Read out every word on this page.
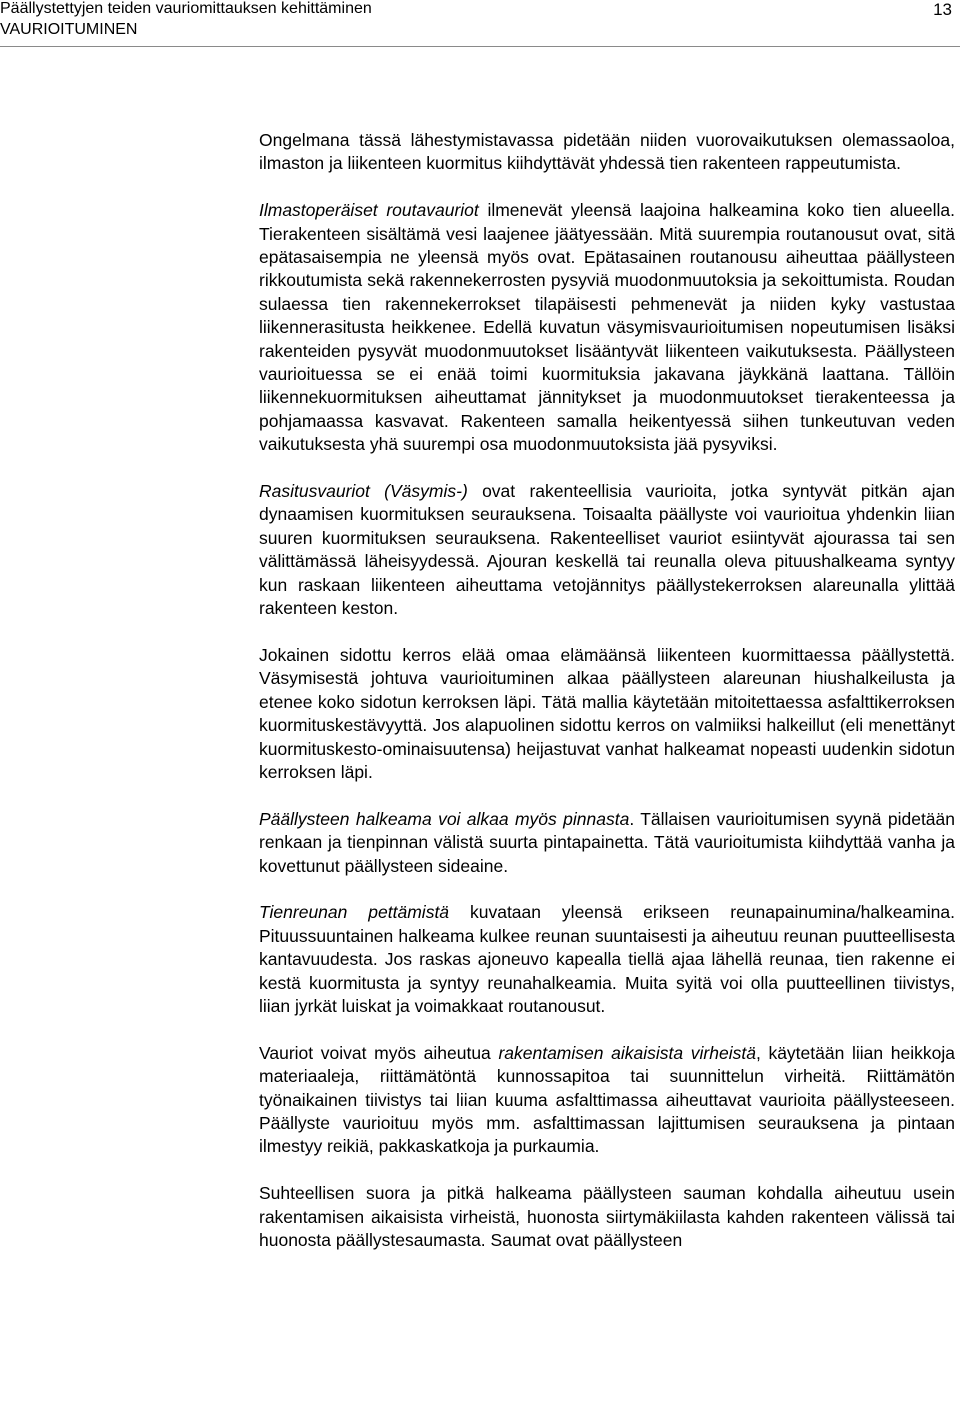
Päällystettyjen teiden vauriomittauksen kehittäminen
VAURIOITUMINEN
13

Ongelmana tässä lähestymistavassa pidetään niiden vuorovaikutuksen olemassaoloa, ilmaston ja liikenteen kuormitus kiihdyttävät yhdessä tien rakenteen rappeutumista.

Ilmastoperäiset routavauriot ilmenevät yleensä laajoina halkeamina koko tien alueella. Tierakenteen sisältämä vesi laajenee jäätyessään. Mitä suurempia routanousut ovat, sitä epätasaisempia ne yleensä myös ovat. Epätasainen routanousu aiheuttaa päällysteen rikkoutumista sekä rakennekerrosten pysyviä muodonmuutoksia ja sekoittumista. Roudan sulaessa tien rakennekerrokset tilapäisesti pehmenevät ja niiden kyky vastustaa liikennerasitusta heikkenee. Edellä kuvatun väsymisvaurioitumisen nopeutumisen lisäksi rakenteiden pysyvät muodonmuutokset lisääntyvät liikenteen vaikutuksesta. Päällysteen vaurioituessa se ei enää toimi kuormituksia jakavana jäykkänä laattana. Tällöin liikennekuormituksen aiheuttamat jännitykset ja muodonmuutokset tierakenteessa ja pohjamaassa kasvavat. Rakenteen samalla heikentyessä siihen tunkeutuvan veden vaikutuksesta yhä suurempi osa muodonmuutoksista jää pysyviksi.

Rasitusvauriot (Väsymis-) ovat rakenteellisia vaurioita, jotka syntyvät pitkän ajan dynaamisen kuormituksen seurauksena. Toisaalta päällyste voi vaurioitua yhdenkin liian suuren kuormituksen seurauksena. Rakenteelliset vauriot esiintyvät ajourassa tai sen välittämässä läheisyydessä. Ajouran keskellä tai reunalla oleva pituushalkeama syntyy kun raskaan liikenteen aiheuttama vetojännitys päällystekerroksen alareunalla ylittää rakenteen keston.

Jokainen sidottu kerros elää omaa elämäänsä liikenteen kuormittaessa päällystettä. Väsymisestä johtuva vaurioituminen alkaa päällysteen alareunan hiushalkeilusta ja etenee koko sidotun kerroksen läpi. Tätä mallia käytetään mitoitettaessa asfalttikerroksen kuormituskestävyyttä. Jos alapuolinen sidottu kerros on valmiiksi halkeillut (eli menettänyt kuormituskesto-ominaisuutensa) heijastuvat vanhat halkeamat nopeasti uudenkin sidotun kerroksen läpi.

Päällysteen halkeama voi alkaa myös pinnasta. Tällaisen vaurioitumisen syynä pidetään renkaan ja tienpinnan välistä suurta pintapainetta. Tätä vaurioitumista kiihdyttää vanha ja kovettunut päällysteen sideaine.

Tienreunan pettämistä kuvataan yleensä erikseen reunapainumina/halkeamina. Pituussuuntainen halkeama kulkee reunan suuntaisesti ja aiheutuu reunan puutteellisesta kantavuudesta. Jos raskas ajoneuvo kapealla tiellä ajaa lähellä reunaa, tien rakenne ei kestä kuormitusta ja syntyy reunahalkeamia. Muita syitä voi olla puutteellinen tiivistys, liian jyrkät luiskat ja voimakkaat routanousut.

Vauriot voivat myös aiheutua rakentamisen aikaisista virheistä, käytetään liian heikkoja materiaaleja, riittämätöntä kunnossapitoa tai suunnittelun virheitä. Riittämätön työnaikainen tiivistys tai liian kuuma asfalttimassa aiheuttavat vaurioita päällysteeseen. Päällyste vaurioituu myös mm. asfalttimassan lajittumisen seurauksena ja pintaan ilmestyy reikiä, pakkaskatkoja ja purkaumia.

Suhteellisen suora ja pitkä halkeama päällysteen sauman kohdalla aiheutuu usein rakentamisen aikaisista virheistä, huonosta siirtymäkiilasta kahden rakenteen välissä tai huonosta päällystesaumasta. Saumat ovat päällysteen
